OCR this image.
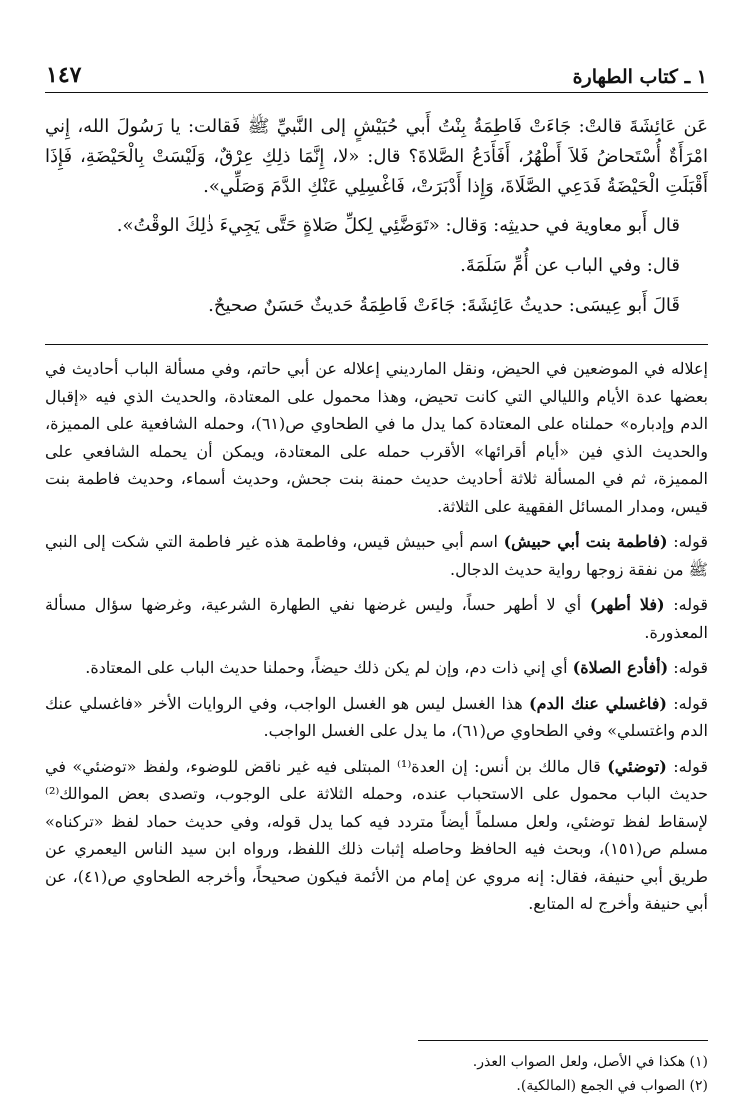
١ ـ كتاب الطهارة
١٤٧

عَن عَائِشَةَ قالتْ: جَاءَتْ فَاطِمَةُ بِنْتُ أَبي حُبَيْشٍ إلى النَّبيِّ ﷺ فَقالت: يا رَسُولَ الله، إِني امْرَأَةٌ أُسْتَحاضُ فَلاَ أَطْهُرُ، أَفَأَدَعُ الصَّلاةَ؟ قال: «لا، إِنَّمَا ذلِكِ عِرْقٌ، وَلَيْسَتْ بِالْحَيْضَةِ، فَإِذَا أَقْبَلَتِ الْحَيْضَةُ فَدَعِي الصَّلَاةَ، وَإِذا أَدْبَرَتْ، فَاغْسِلِي عَنْكِ الدَّمَ وَصَلِّي».

قال أَبو معاوية في حديثِه: وَقال: «تَوَضَّئِي لِكلِّ صَلاةٍ حَتَّى يَجِيءَ ذٰلِكَ الوقْتُ».

قال: وفي الباب عن أُمِّ سَلَمَةَ.

قَالَ أَبو عِيسَى: حديثُ عَائِشَةَ: جَاءَتْ فَاطِمَةُ حَديثٌ حَسَنٌ صحيحٌ.

إعلاله في الموضعين في الحيض، ونقل المارديني إعلاله عن أبي حاتم، وفي مسألة الباب أحاديث في بعضها عدة الأيام والليالي التي كانت تحيض، وهذا محمول على المعتادة، والحديث الذي فيه «إقبال الدم وإدباره» حملناه على المعتادة كما يدل ما في الطحاوي ص(٦١)، وحمله الشافعية على المميزة، والحديث الذي فين «أيام أقرائها» الأقرب حمله على المعتادة، ويمكن أن يحمله الشافعي على المميزة، ثم في المسألة ثلاثة أحاديث حديث حمنة بنت جحش، وحديث أسماء، وحديث فاطمة بنت قيس، ومدار المسائل الفقهية على الثلاثة.

قوله: (فاطمة بنت أبي حبيش) اسم أبي حبيش قيس، وفاطمة هذه غير فاطمة التي شكت إلى النبي ﷺ من نفقة زوجها رواية حديث الدجال.

قوله: (فلا أطهر) أي لا أطهر حساً، وليس غرضها نفي الطهارة الشرعية، وغرضها سؤال مسألة المعذورة.

قوله: (أفأدع الصلاة) أي إني ذات دم، وإن لم يكن ذلك حيضاً، وحملنا حديث الباب على المعتادة.

قوله: (فاغسلي عنك الدم) هذا الغسل ليس هو الغسل الواجب، وفي الروايات الأخر «فاغسلي عنك الدم واغتسلي» وفي الطحاوي ص(٦١)، ما يدل على الغسل الواجب.

قوله: (توضئي) قال مالك بن أنس: إن العدة⁽¹⁾ المبتلى فيه غير ناقض للوضوء، ولفظ «توضئي» في حديث الباب محمول على الاستحباب عنده، وحمله الثلاثة على الوجوب، وتصدى بعض الموالك⁽²⁾ لإسقاط لفظ توضئي، ولعل مسلماً أيضاً متردد فيه كما يدل قوله، وفي حديث حماد لفظ «تركناه» مسلم ص(١٥١)، وبحث فيه الحافظ وحاصله إثبات ذلك اللفظ، ورواه ابن سيد الناس اليعمري عن طريق أبي حنيفة، فقال: إنه مروي عن إمام من الأئمة فيكون صحيحاً، وأخرجه الطحاوي ص(٤١)، عن أبي حنيفة وأخرج له المتابع.

(١) هكذا في الأصل، ولعل الصواب العذر.

(٢) الصواب في الجمع (المالكية).
